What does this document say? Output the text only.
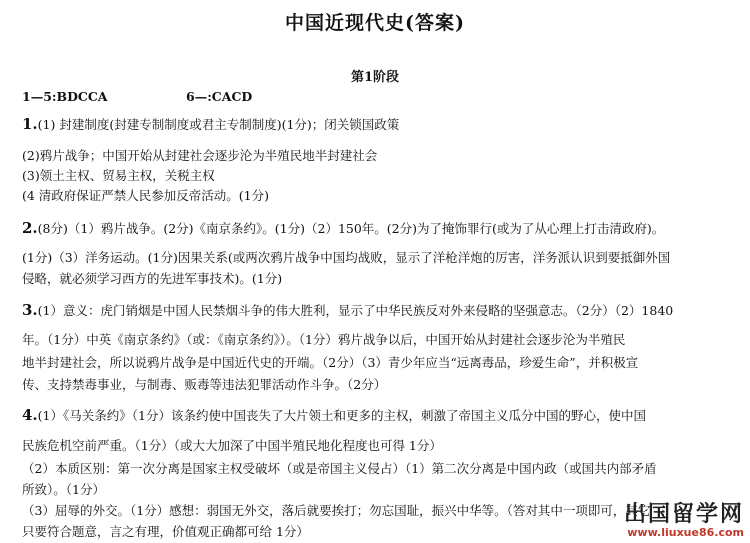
中国近现代史(答案)
第1阶段
1—5:BDCCA	6—:CACD
1.(1) 封建制度(封建专制制度或君主专制制度)(1分)；闭关锁国政策
(2)鸦片战争；中国开始从封建社会逐步沦为半殖民地半封建社会
(3)领土主权、贸易主权，关税主权
(4 清政府保证严禁人民参加反帝活动。(1分)
2.(8分)（1）鸦片战争。(2分)《南京条约》。(1分)（2）150年。(2分)为了掩饰罪行(或为了从心理上打击清政府)。
(1分)（3）洋务运动。(1分)因果关系(或两次鸦片战争中国均战败，显示了洋枪洋炮的厉害，洋务派认识到要抵御外国
侵略，就必须学习西方的先进军事技术)。(1分)
3.(1）意义：虎门销烟是中国人民禁烟斗争的伟大胜利，显示了中华民族反对外来侵略的坚强意志。（2分）（2）1840
年。（1分）中英《南京条约》（或：《南京条约》）。（1分）鸦片战争以后，中国开始从封建社会逐步沦为半殖民
地半封建社会，所以说鸦片战争是中国近代史的开端。（2分）（3）青少年应当“远离毒品，珍爱生命”，并积极宣
传、支持禁毒事业，与制毒、贩毒等违法犯罪活动作斗争。（2分）
4.(1）《马关条约》（1分）该条约使中国丧失了大片领土和更多的主权，刺激了帝国主义瓜分中国的野心，使中国
民族危机空前严重。（1分）（或大大加深了中国半殖民地化程度也可得 1分）
（2）本质区别：第一次分离是国家主权受破坏（或是帝国主义侵占）（1）第二次分离是中国内政（或国共内部矛盾
所致）。（1分）
（3）屈辱的外交。（1分）感想：弱国无外交，落后就要挨打；勿忘国耻，振兴中华等。（答对其中一项即可，其它
只要符合题意，言之有理，价值观正确都可给 1分）
出国留学网
www.liuxue86.com
